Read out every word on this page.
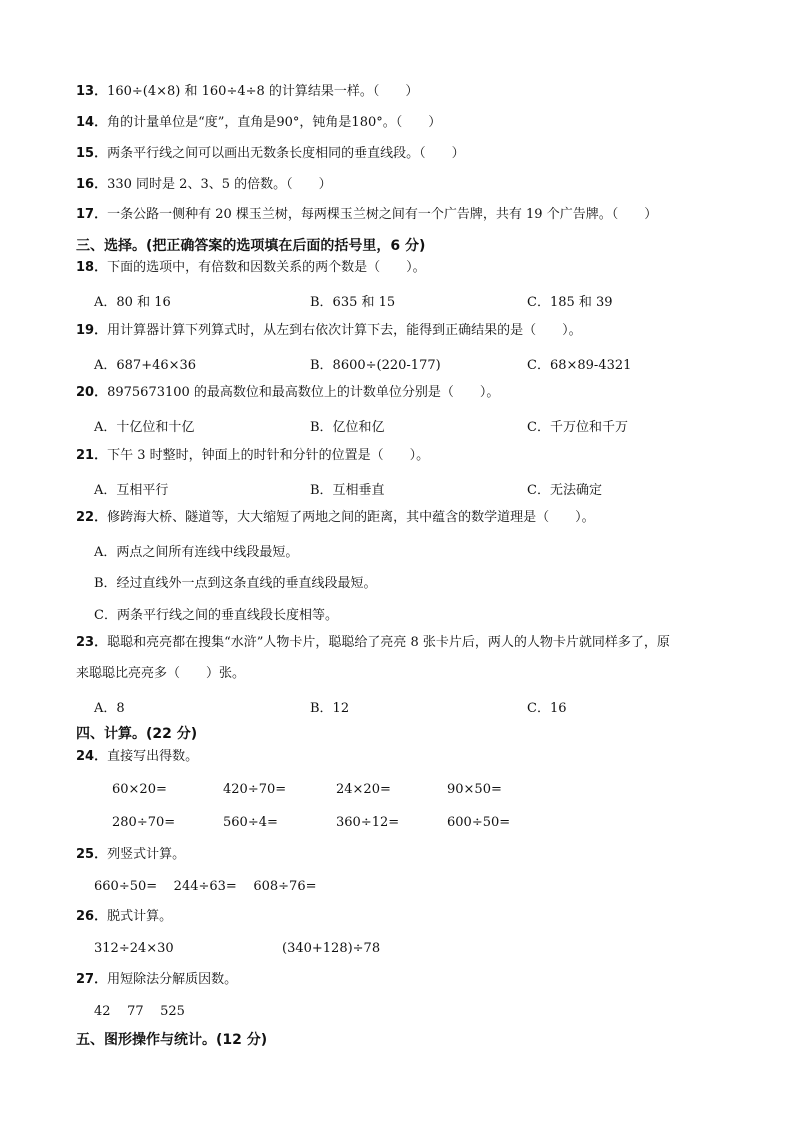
13．160÷(4×8) 和 160÷4÷8 的计算结果一样。（　　）
14．角的计量单位是“度”，直角是90°，钝角是180°。（　　）
15．两条平行线之间可以画出无数条长度相同的垂直线段。（　　）
16．330 同时是 2、3、5 的倍数。（　　）
17．一条公路一侧种有 20 棵玉兰树，每两棵玉兰树之间有一个广告牌，共有 19 个广告牌。（　　）
三、选择。(把正确答案的选项填在后面的括号里，6 分)
18．下面的选项中，有倍数和因数关系的两个数是（　　）。
A．80 和 16	B．635 和 15	C．185 和 39
19．用计算器计算下列算式时，从左到右依次计算下去，能得到正确结果的是（　　）。
A．687+46×36	B．8600÷(220-177)	C．68×89-4321
20．8975673100 的最高数位和最高数位上的计数单位分别是（　　）。
A．十亿位和十亿	B．亿位和亿	C．千万位和千万
21．下午 3 时整时，钟面上的时针和分针的位置是（　　）。
A．互相平行	B．互相垂直	C．无法确定
22．修跨海大桥、隧道等，大大缩短了两地之间的距离，其中蕴含的数学道理是（　　）。
A．两点之间所有连线中线段最短。
B．经过直线外一点到这条直线的垂直线段最短。
C．两条平行线之间的垂直线段长度相等。
23．聪聪和亮亮都在搜集“水浒”人物卡片，聪聪给了亮亮 8 张卡片后，两人的人物卡片就同样多了，原
来聪聪比亮亮多（　　）张。
A．8	B．12	C．16
四、计算。(22 分)
24．直接写出得数。
60×20=	420÷70=	24×20=	90×50=
280÷70=	560÷4=	360÷12=	600÷50=
25．列竖式计算。
660÷50=    244÷63=    608÷76=
26．脱式计算。
312÷24×30	(340+128)÷78
27．用短除法分解质因数。
42    77    525
五、图形操作与统计。(12 分)
